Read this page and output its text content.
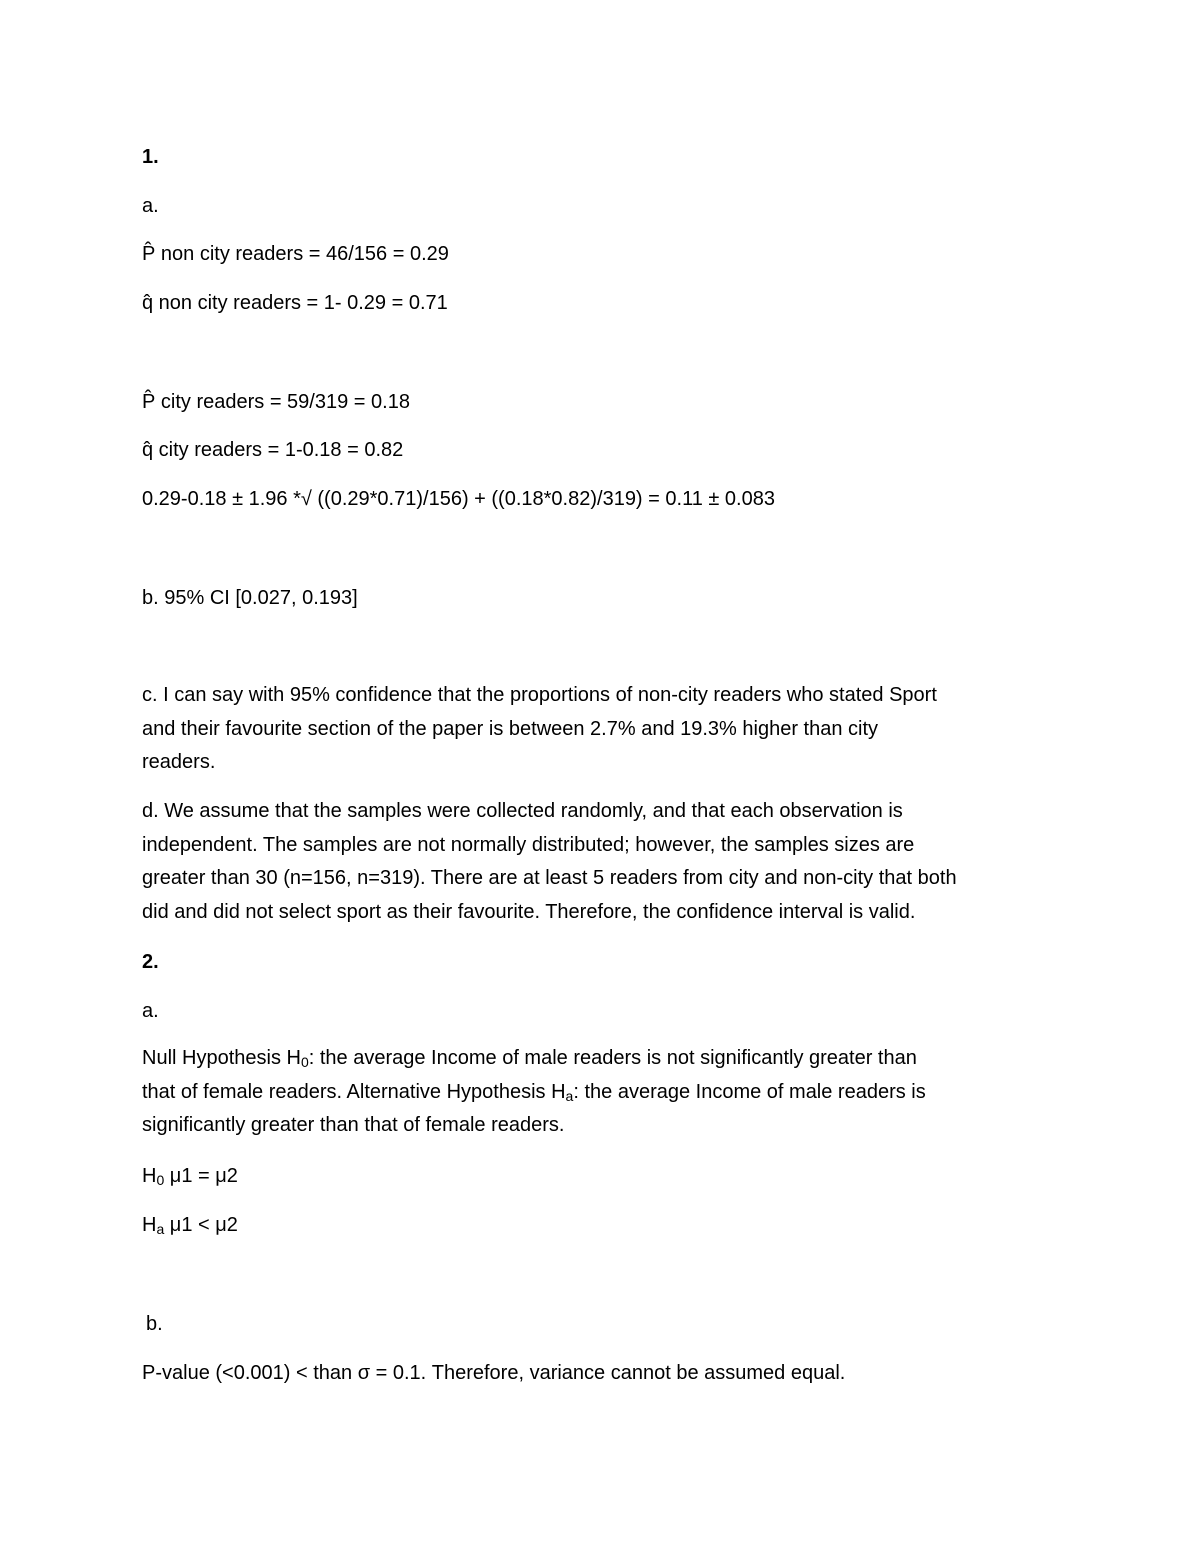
1.

a.

P̂ non city readers = 46/156 = 0.29

q̂ non city readers = 1- 0.29 = 0.71

P̂ city readers = 59/319 = 0.18

q̂ city readers = 1-0.18 = 0.82

0.29-0.18 ± 1.96 *√ ((0.29*0.71)/156) + ((0.18*0.82)/319) = 0.11 ± 0.083

b. 95% CI [0.027, 0.193]

c. I can say with 95% confidence that the proportions of non-city readers who stated Sport
and their favourite section of the paper is between 2.7% and 19.3% higher than city
readers.
d. We assume that the samples were collected randomly, and that each observation is
independent. The samples are not normally distributed; however, the samples sizes are
greater than 30 (n=156, n=319). There are at least 5 readers from city and non-city that both
did and did not select sport as their favourite. Therefore, the confidence interval is valid.

2.

a.

Null Hypothesis $H_0$: the average Income of male readers is not significantly greater than
that of female readers. Alternative Hypothesis $H_a$: the average Income of male readers is
significantly greater than that of female readers.

$H_0$ μ1 = μ2

$H_a$ μ1 < μ2

b.

P-value (<0.001) < than σ = 0.1. Therefore, variance cannot be assumed equal.
